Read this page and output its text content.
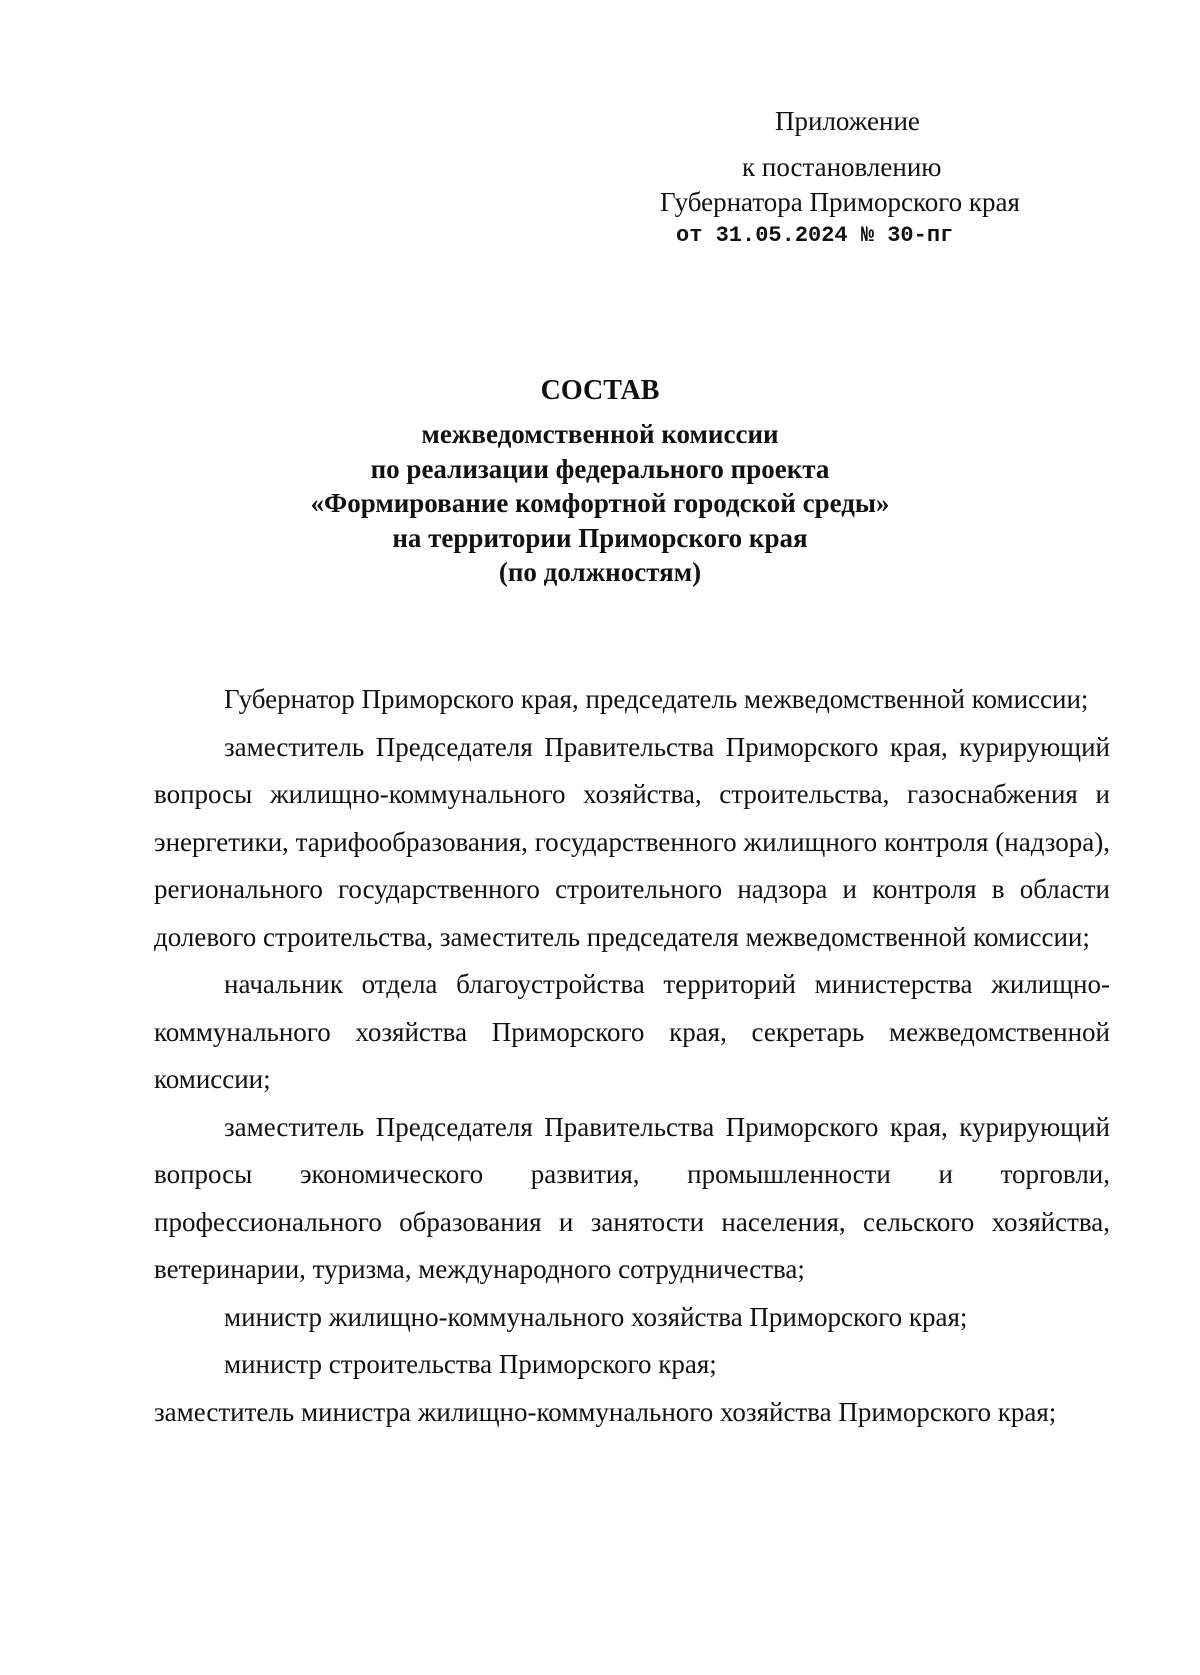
Приложение
к постановлению
Губернатора Приморского края
от 31.05.2024 № 30-пг
СОСТАВ
межведомственной комиссии
по реализации федерального проекта
«Формирование комфортной городской среды»
на территории Приморского края
(по должностям)

Губернатор Приморского края, председатель межведомственной комиссии;

заместитель Председателя Правительства Приморского края, курирующий вопросы жилищно-коммунального хозяйства, строительства, газоснабжения и энергетики, тарифообразования, государственного жилищного контроля (надзора), регионального государственного строительного надзора и контроля в области долевого строительства, заместитель председателя межведомственной комиссии;

начальник отдела благоустройства территорий министерства жилищно-коммунального хозяйства Приморского края, секретарь межведомственной комиссии;

заместитель Председателя Правительства Приморского края, курирующий вопросы экономического развития, промышленности и торговли, профессионального образования и занятости населения, сельского хозяйства, ветеринарии, туризма, международного сотрудничества;

министр жилищно-коммунального хозяйства Приморского края;

министр строительства Приморского края;

заместитель министра жилищно-коммунального хозяйства Приморского края;
